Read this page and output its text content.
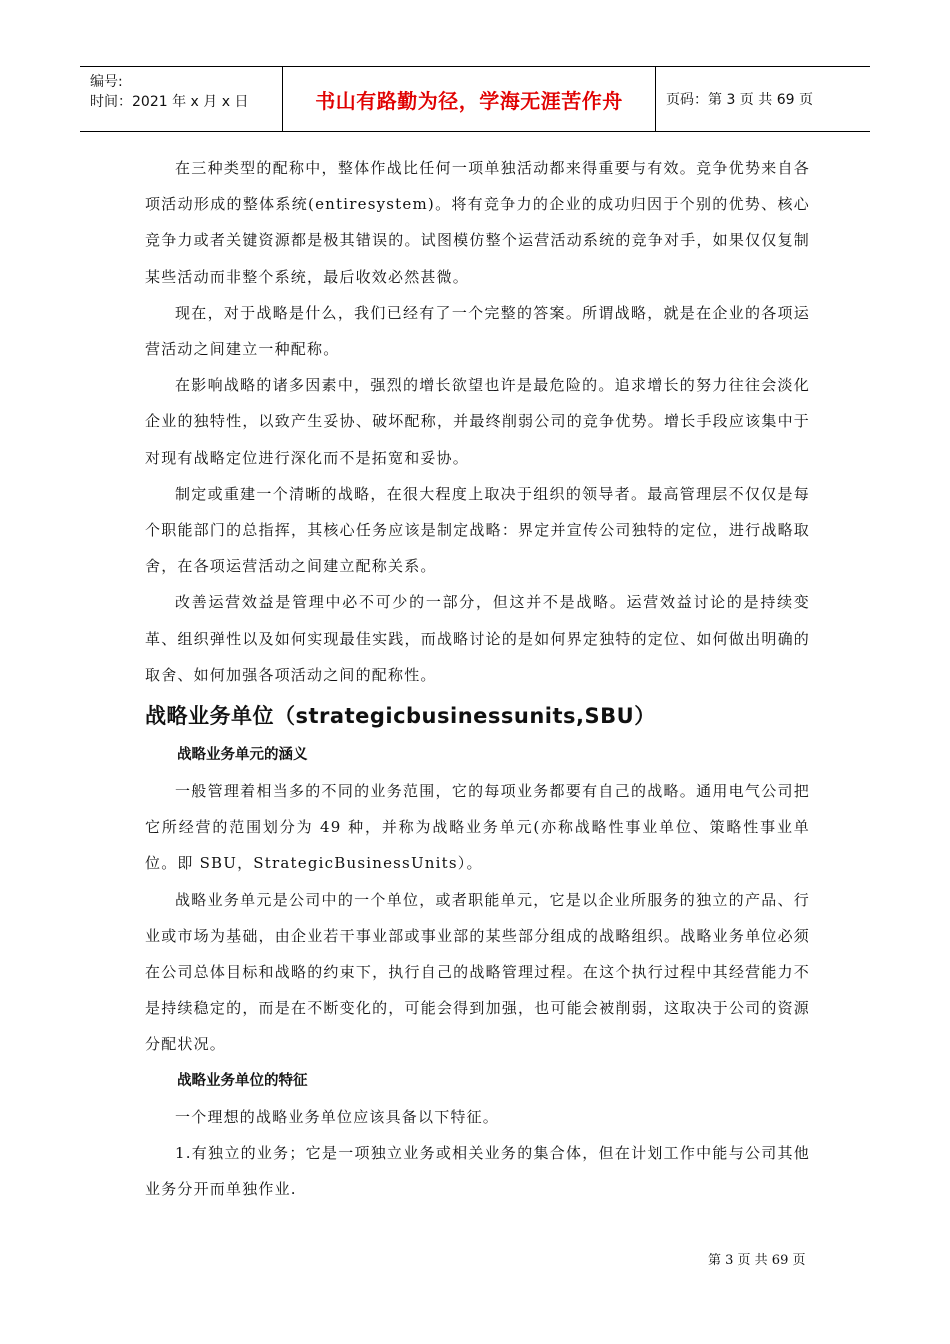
编号:
时间：2021 年 x 月 x 日	书山有路勤为径，学海无涯苦作舟	页码：第 3 页 共 69 页

在三种类型的配称中，整体作战比任何一项单独活动都来得重要与有效。竞争优势来自各项活动形成的整体系统(entiresystem)。将有竞争力的企业的成功归因于个别的优势、核心竞争力或者关键资源都是极其错误的。试图模仿整个运营活动系统的竞争对手，如果仅仅复制某些活动而非整个系统，最后收效必然甚微。

现在，对于战略是什么，我们已经有了一个完整的答案。所谓战略，就是在企业的各项运营活动之间建立一种配称。

在影响战略的诸多因素中，强烈的增长欲望也许是最危险的。追求增长的努力往往会淡化企业的独特性，以致产生妥协、破坏配称，并最终削弱公司的竞争优势。增长手段应该集中于对现有战略定位进行深化而不是拓宽和妥协。

制定或重建一个清晰的战略，在很大程度上取决于组织的领导者。最高管理层不仅仅是每个职能部门的总指挥，其核心任务应该是制定战略：界定并宣传公司独特的定位，进行战略取舍，在各项运营活动之间建立配称关系。

改善运营效益是管理中必不可少的一部分，但这并不是战略。运营效益讨论的是持续变革、组织弹性以及如何实现最佳实践，而战略讨论的是如何界定独特的定位、如何做出明确的取舍、如何加强各项活动之间的配称性。

战略业务单位（strategicbusinessunits,SBU）
战略业务单元的涵义

一般管理着相当多的不同的业务范围，它的每项业务都要有自己的战略。通用电气公司把它所经营的范围划分为 49 种，并称为战略业务单元(亦称战略性事业单位、策略性事业单位。即 SBU，StrategicBusinessUnits）。

战略业务单元是公司中的一个单位，或者职能单元，它是以企业所服务的独立的产品、行业或市场为基础，由企业若干事业部或事业部的某些部分组成的战略组织。战略业务单位必须在公司总体目标和战略的约束下，执行自己的战略管理过程。在这个执行过程中其经营能力不是持续稳定的，而是在不断变化的，可能会得到加强，也可能会被削弱，这取决于公司的资源分配状况。

战略业务单位的特征

一个理想的战略业务单位应该具备以下特征。

1.有独立的业务；它是一项独立业务或相关业务的集合体，但在计划工作中能与公司其他业务分开而单独作业.

第 3 页 共 69 页
